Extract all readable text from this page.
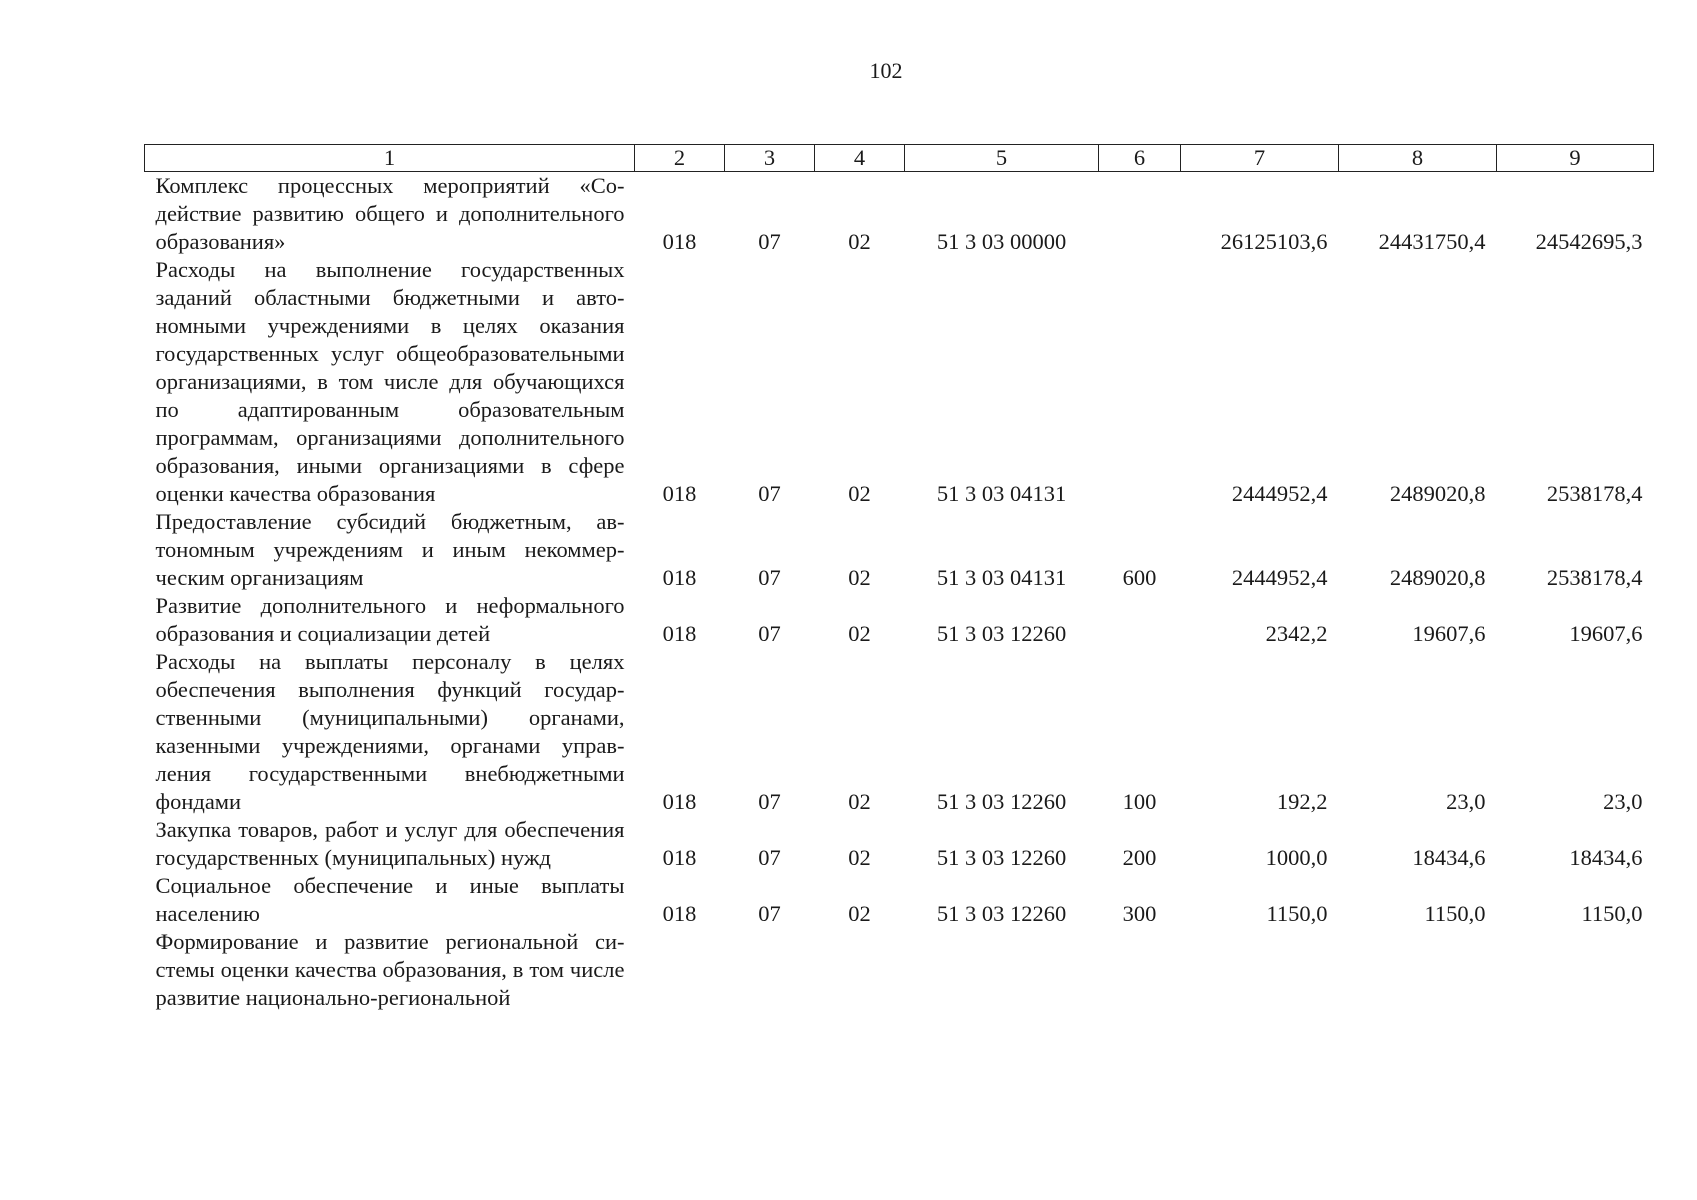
102
1	2	3	4	5	6	7	8	9
Комплекс процессных мероприятий «Содействие развитию общего и дополнительного образования»	018	07	02	51 3 03 00000		26125103,6	24431750,4	24542695,3
Расходы на выполнение государственных заданий областными бюджетными и автономными учреждениями в целях оказания государственных услуг общеобразовательными организациями, в том числе для обучающихся по адаптированным образовательным программам, организациями дополнительного образования, иными организациями в сфере оценки качества образования	018	07	02	51 3 03 04131		2444952,4	2489020,8	2538178,4
Предоставление субсидий бюджетным, автономным учреждениям и иным некоммерческим организациям	018	07	02	51 3 03 04131	600	2444952,4	2489020,8	2538178,4
Развитие дополнительного и неформального образования и социализации детей	018	07	02	51 3 03 12260		2342,2	19607,6	19607,6
Расходы на выплаты персоналу в целях обеспечения выполнения функций государственными (муниципальными) органами, казенными учреждениями, органами управления государственными внебюджетными фондами	018	07	02	51 3 03 12260	100	192,2	23,0	23,0
Закупка товаров, работ и услуг для обеспечения государственных (муниципальных) нужд	018	07	02	51 3 03 12260	200	1000,0	18434,6	18434,6
Социальное обеспечение и иные выплаты населению	018	07	02	51 3 03 12260	300	1150,0	1150,0	1150,0
Формирование и развитие региональной системы оценки качества образования, в том числе развитие национально-региональной								
